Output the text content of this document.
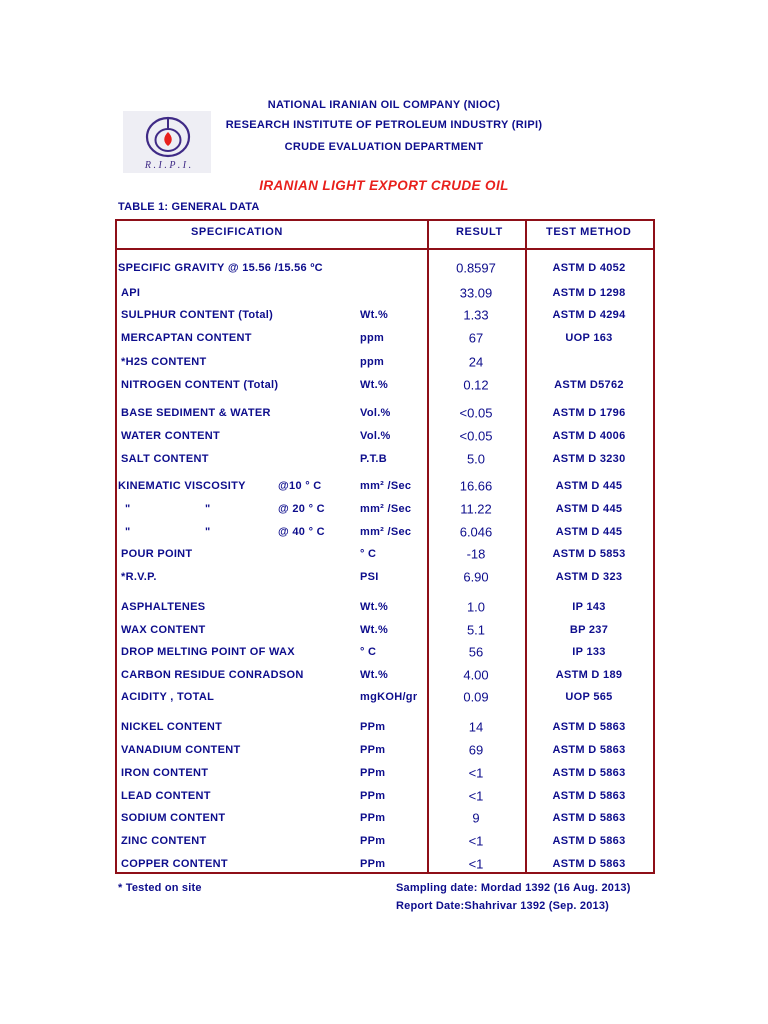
NATIONAL IRANIAN OIL COMPANY (NIOC)
RESEARCH INSTITUTE OF PETROLEUM INDUSTRY (RIPI)
CRUDE EVALUATION DEPARTMENT
R . I . P . I .
IRANIAN LIGHT EXPORT CRUDE OIL
TABLE 1: GENERAL DATA
SPECIFICATION	RESULT	TEST METHOD
SPECIFIC GRAVITY @ 15.56 /15.56 ºC	0.8597	ASTM D 4052
API	33.09	ASTM D 1298
SULPHUR CONTENT (Total)	Wt.%	1.33	ASTM D 4294
MERCAPTAN CONTENT	ppm	67	UOP 163
*H2S CONTENT	ppm	24
NITROGEN CONTENT (Total)	Wt.%	0.12	ASTM D5762
BASE SEDIMENT & WATER	Vol.%	<0.05	ASTM D 1796
WATER CONTENT	Vol.%	<0.05	ASTM D 4006
SALT CONTENT	P.T.B	5.0	ASTM D 3230
KINEMATIC VISCOSITY	@10 ° C	mm² /Sec	16.66	ASTM D 445
"	"	@ 20 ° C	mm² /Sec	11.22	ASTM D 445
"	"	@ 40 ° C	mm² /Sec	6.046	ASTM D 445
POUR POINT	° C	-18	ASTM D 5853
*R.V.P.	PSI	6.90	ASTM D 323
ASPHALTENES	Wt.%	1.0	IP 143
WAX CONTENT	Wt.%	5.1	BP 237
DROP MELTING POINT OF WAX	° C	56	IP 133
CARBON RESIDUE CONRADSON	Wt.%	4.00	ASTM D 189
ACIDITY , TOTAL	mgKOH/gr	0.09	UOP 565
NICKEL CONTENT	PPm	14	ASTM D 5863
VANADIUM CONTENT	PPm	69	ASTM D 5863
IRON CONTENT	PPm	<1	ASTM D 5863
LEAD CONTENT	PPm	<1	ASTM D 5863
SODIUM CONTENT	PPm	9	ASTM D 5863
ZINC CONTENT	PPm	<1	ASTM D 5863
COPPER CONTENT	PPm	<1	ASTM D 5863
* Tested on site	Sampling date: Mordad 1392 (16 Aug. 2013)
Report Date:Shahrivar 1392 (Sep. 2013)
